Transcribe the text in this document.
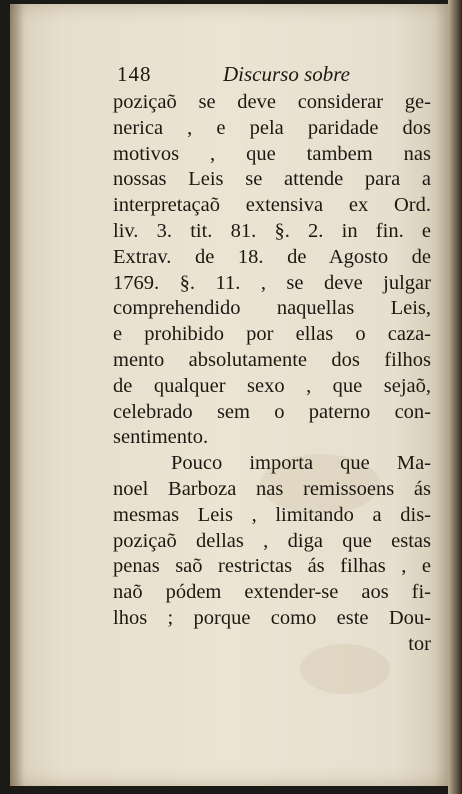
148	Discurso sobre
poziçaõ se deve considerar ge-
nerica , e pela paridade dos
motivos , que tambem nas
nossas Leis se attende para a
interpretaçaõ extensiva ex Ord.
liv. 3. tit. 81. §. 2. in fin. e
Extrav. de 18. de Agosto de
1769. §. 11. , se deve julgar
comprehendido naquellas Leis,
e prohibido por ellas o caza-
mento absolutamente dos filhos
de qualquer sexo , que sejaõ,
celebrado sem o paterno con-
sentimento.
Pouco importa que Ma-
noel Barboza nas remissoens ás
mesmas Leis , limitando a dis-
poziçaõ dellas , diga que estas
penas saõ restrictas ás filhas , e
naõ pódem extender-se aos fi-
lhos ; porque como este Dou-
tor
